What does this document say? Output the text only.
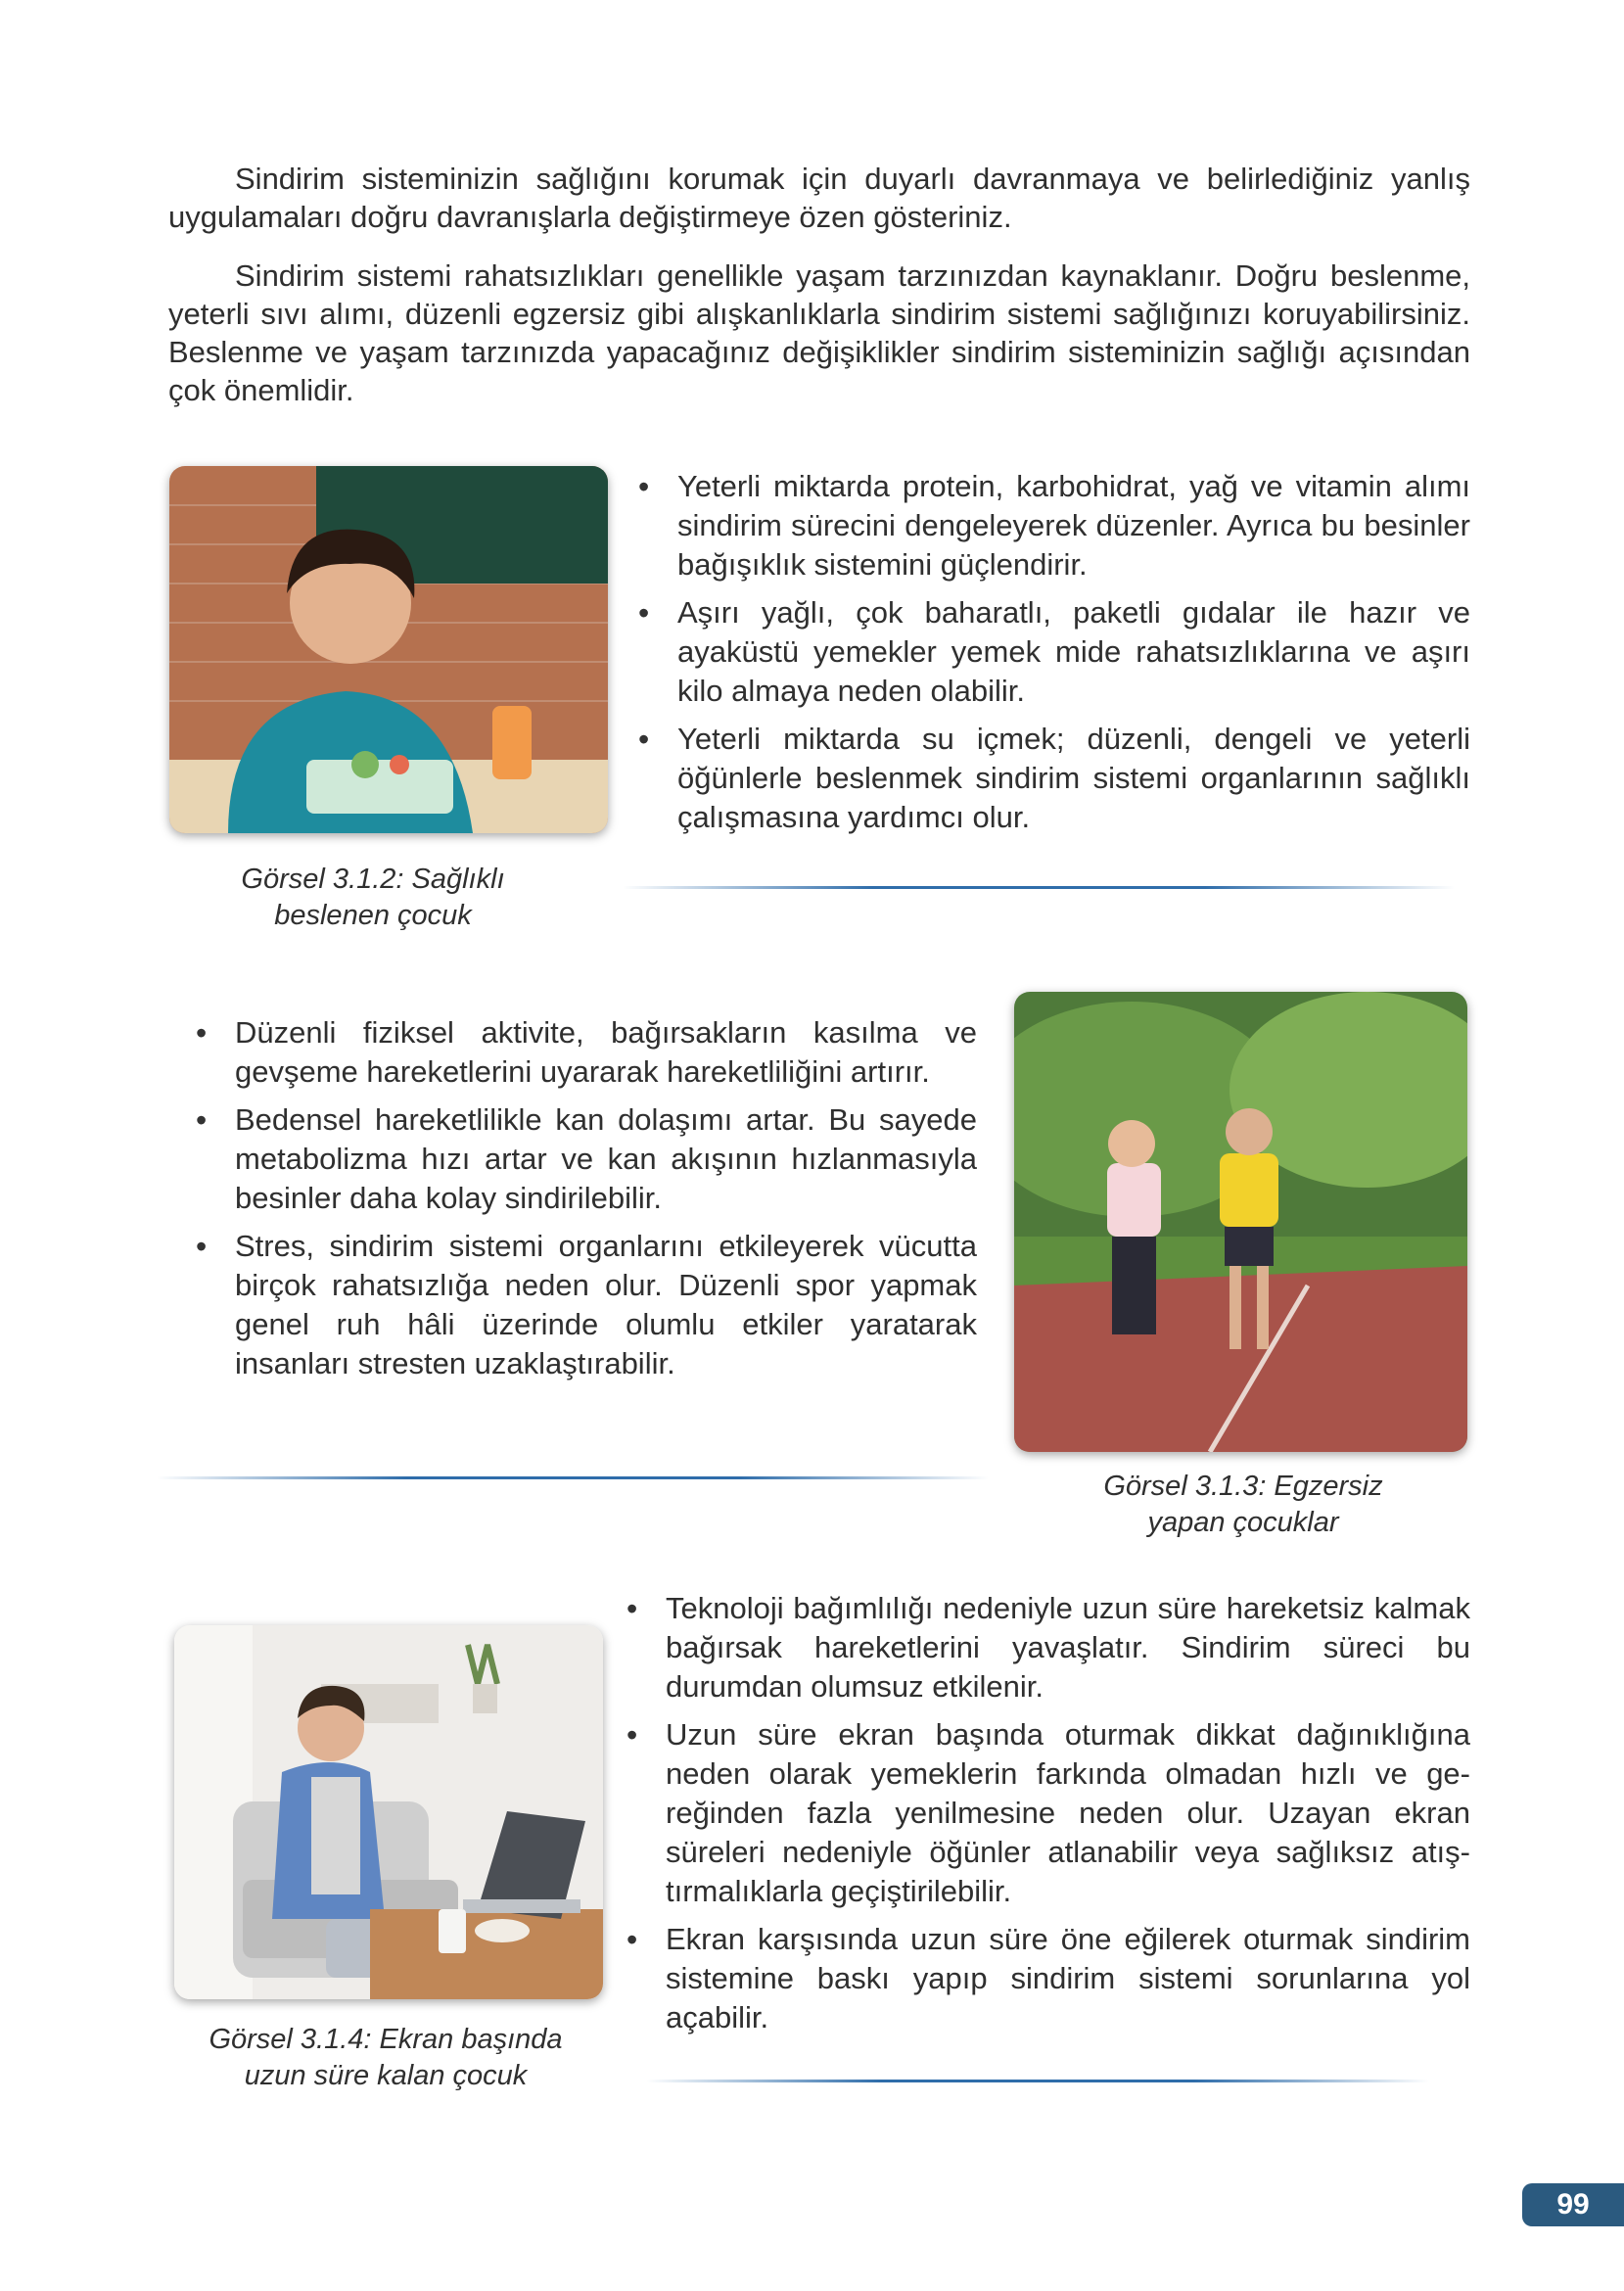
Sindirim sisteminizin sağlığını korumak için duyarlı davranmaya ve belirlediğiniz yanlış uygulamaları doğru davranışlarla değiştirmeye özen gösteriniz.

Sindirim sistemi rahatsızlıkları genellikle yaşam tarzınızdan kaynaklanır. Doğru beslenme, yeterli sıvı alımı, düzenli egzersiz gibi alışkanlıklarla sindirim sistemi sağlığınızı koruyabilirsiniz. Beslenme ve yaşam tarzınızda yapacağınız değişiklikler sindirim sisteminizin sağlığı açısından çok önemlidir.

Görsel 3.1.2: Sağlıklı
beslenen çocuk
• Yeterli miktarda protein, karbohidrat, yağ ve vitamin alımı sindirim sürecini dengeleyerek düzenler. Ayrıca bu besinler bağışıklık sistemini güçlendirir.
• Aşırı yağlı, çok baharatlı, paketli gıdalar ile hazır ve ayaküstü yemekler yemek mide rahatsızlıklarına ve aşırı kilo almaya neden olabilir.
• Yeterli miktarda su içmek; düzenli, dengeli ve yeterli öğünlerle beslenmek sindirim sistemi organlarının sağlıklı çalışmasına yardımcı olur.
• Düzenli fiziksel aktivite, bağırsakların kasılma ve gevşeme hareketlerini uyararak hareketliliğini artırır.
• Bedensel hareketlilikle kan dolaşımı artar. Bu sayede metabolizma hızı artar ve kan akışının hızlanmasıyla besinler daha kolay sindirilebilir.
• Stres, sindirim sistemi organlarını etkileyerek vücutta birçok rahatsızlığa neden olur. Düzenli spor yapmak genel ruh hâli üzerinde olumlu etkiler yaratarak insanları stresten uzaklaştırabilir.
Görsel 3.1.3: Egzersiz
yapan çocuklar
Görsel 3.1.4: Ekran başında
uzun süre kalan çocuk
• Teknoloji bağımlılığı nedeniyle uzun süre hareketsiz kalmak bağırsak hareketlerini yavaşlatır. Sindirim süreci bu durumdan olumsuz etkilenir.
• Uzun süre ekran başında oturmak dikkat dağınıklığına neden olarak yemeklerin farkında olmadan hızlı ve gereğinden fazla yenilmesine neden olur. Uzayan ekran süreleri nedeniyle öğünler atlanabilir veya sağlıksız atıştırmalıklarla geçiştirilebilir.
• Ekran karşısında uzun süre öne eğilerek oturmak sindirim sistemine baskı yapıp sindirim sistemi sorunlarına yol açabilir.
99
